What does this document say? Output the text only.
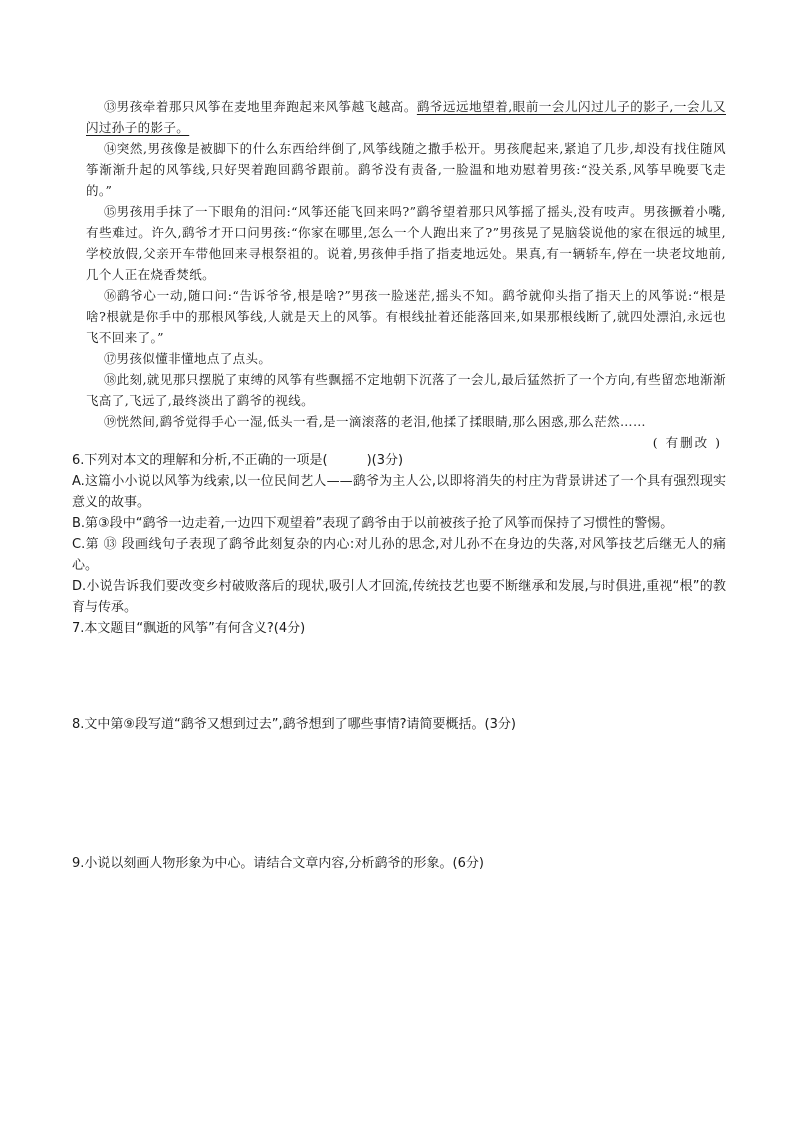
⑬男孩牵着那只风筝在麦地里奔跑起来风筝越飞越高。鹞爷远远地望着,眼前一会儿闪过儿子的影子,一会儿又闪过孙子的影子。

⑭突然,男孩像是被脚下的什么东西给绊倒了,风筝线随之撒手松开。男孩爬起来,紧追了几步,却没有找住随风筝渐渐升起的风筝线,只好哭着跑回鹞爷跟前。鹞爷没有责备,一脸温和地劝慰着男孩:“没关系,风筝早晚要飞走的。”

⑮男孩用手抹了一下眼角的泪问:“风筝还能飞回来吗?”鹞爷望着那只风筝摇了摇头,没有吱声。男孩撅着小嘴,有些难过。许久,鹞爷才开口问男孩:“你家在哪里,怎么一个人跑出来了?”男孩晃了晃脑袋说他的家在很远的城里,学校放假,父亲开车带他回来寻根祭祖的。说着,男孩伸手指了指麦地远处。果真,有一辆轿车,停在一块老坟地前,几个人正在烧香焚纸。

⑯鹞爷心一动,随口问:“告诉爷爷,根是啥?”男孩一脸迷茫,摇头不知。鹞爷就仰头指了指天上的风筝说:“根是啥?根就是你手中的那根风筝线,人就是天上的风筝。有根线扯着还能落回来,如果那根线断了,就四处漂泊,永远也飞不回来了。”

⑰男孩似懂非懂地点了点头。

⑱此刻,就见那只摆脱了束缚的风筝有些飘摇不定地朝下沉落了一会儿,最后猛然折了一个方向,有些留恋地渐渐飞高了,飞远了,最终淡出了鹞爷的视线。

⑲恍然间,鹞爷觉得手心一湿,低头一看,是一滴滚落的老泪,他揉了揉眼睛,那么困惑,那么茫然……

( 有删改 )

6.下列对本文的理解和分析,不正确的一项是(　　　)(3分)

A.这篇小小说以风筝为线索,以一位民间艺人——鹞爷为主人公,以即将消失的村庄为背景讲述了一个具有强烈现实意义的故事。

B.第③段中“鹞爷一边走着,一边四下观望着”表现了鹞爷由于以前被孩子抢了风筝而保持了习惯性的警惕。

C.第 ⑬ 段画线句子表现了鹞爷此刻复杂的内心:对儿孙的思念,对儿孙不在身边的失落,对风筝技艺后继无人的痛心。

D.小说告诉我们要改变乡村破败落后的现状,吸引人才回流,传统技艺也要不断继承和发展,与时俱进,重视“根”的教育与传承。

7.本文题目“飘逝的风筝”有何含义?(4分)

8.文中第⑨段写道“鹞爷又想到过去”,鹞爷想到了哪些事情?请简要概括。(3分)

9.小说以刻画人物形象为中心。请结合文章内容,分析鹞爷的形象。(6分)
